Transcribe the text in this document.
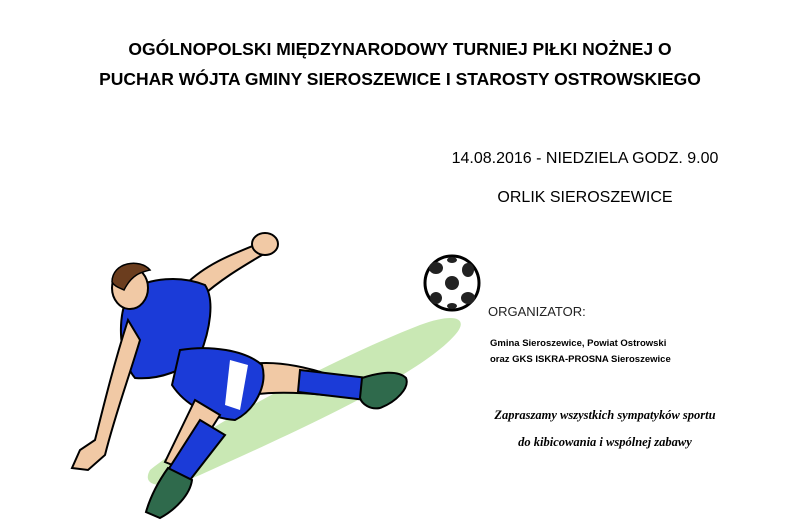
OGÓLNOPOLSKI MIĘDZYNARODOWY TURNIEJ PIŁKI NOŻNEJ O
PUCHAR WÓJTA GMINY SIEROSZEWICE I STAROSTY OSTROWSKIEGO
14.08.2016 - NIEDZIELA GODZ. 9.00
ORLIK SIEROSZEWICE
ORGANIZATOR:
Gmina Sieroszewice, Powiat Ostrowski
oraz GKS ISKRA-PROSNA Sieroszewice
Zapraszamy wszystkich sympatyków sportu
do kibicowania i wspólnej zabawy
